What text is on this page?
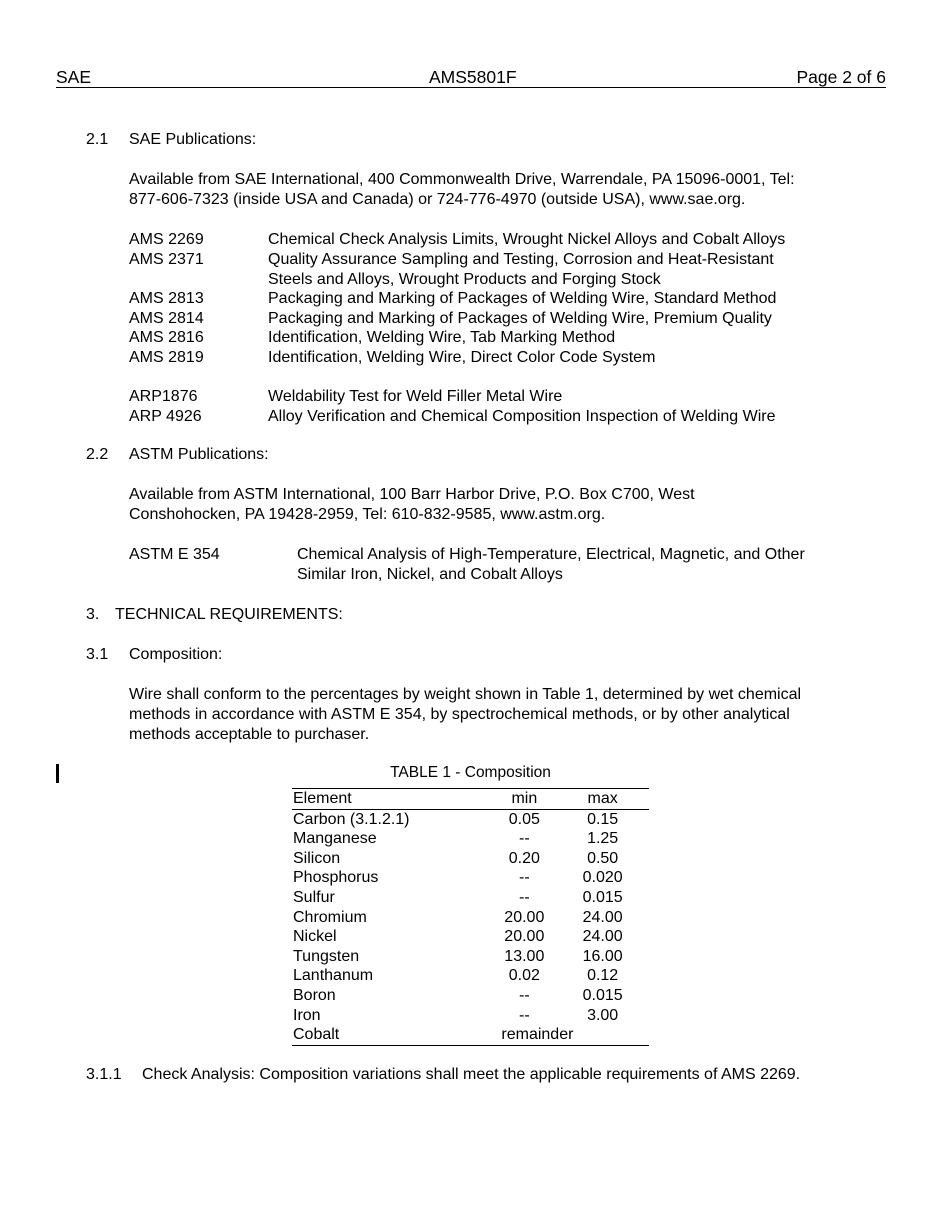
SAE	AMS5801F	Page 2 of 6
2.1 SAE Publications:
Available from SAE International, 400 Commonwealth Drive, Warrendale, PA 15096-0001, Tel:
877-606-7323 (inside USA and Canada) or 724-776-4970 (outside USA), www.sae.org.
AMS 2269	Chemical Check Analysis Limits, Wrought Nickel Alloys and Cobalt Alloys
AMS 2371	Quality Assurance Sampling and Testing, Corrosion and Heat-Resistant
Steels and Alloys, Wrought Products and Forging Stock
AMS 2813	Packaging and Marking of Packages of Welding Wire, Standard Method
AMS 2814	Packaging and Marking of Packages of Welding Wire, Premium Quality
AMS 2816	Identification, Welding Wire, Tab Marking Method
AMS 2819	Identification, Welding Wire, Direct Color Code System
ARP1876	Weldability Test for Weld Filler Metal Wire
ARP 4926	Alloy Verification and Chemical Composition Inspection of Welding Wire
2.2 ASTM Publications:
Available from ASTM International, 100 Barr Harbor Drive, P.O. Box C700, West
Conshohocken, PA 19428-2959, Tel: 610-832-9585, www.astm.org.
ASTM E 354	Chemical Analysis of High-Temperature, Electrical, Magnetic, and Other
Similar Iron, Nickel, and Cobalt Alloys
3. TECHNICAL REQUIREMENTS:
3.1 Composition:
Wire shall conform to the percentages by weight shown in Table 1, determined by wet chemical
methods in accordance with ASTM E 354, by spectrochemical methods, or by other analytical
methods acceptable to purchaser.
TABLE 1 - Composition
Element	min	max
Carbon (3.1.2.1)	0.05	0.15
Manganese	--	1.25
Silicon	0.20	0.50
Phosphorus	--	0.020
Sulfur	--	0.015
Chromium	20.00	24.00
Nickel	20.00	24.00
Tungsten	13.00	16.00
Lanthanum	0.02	0.12
Boron	--	0.015
Iron	--	3.00
Cobalt	remainder	
3.1.1 Check Analysis: Composition variations shall meet the applicable requirements of AMS 2269.
